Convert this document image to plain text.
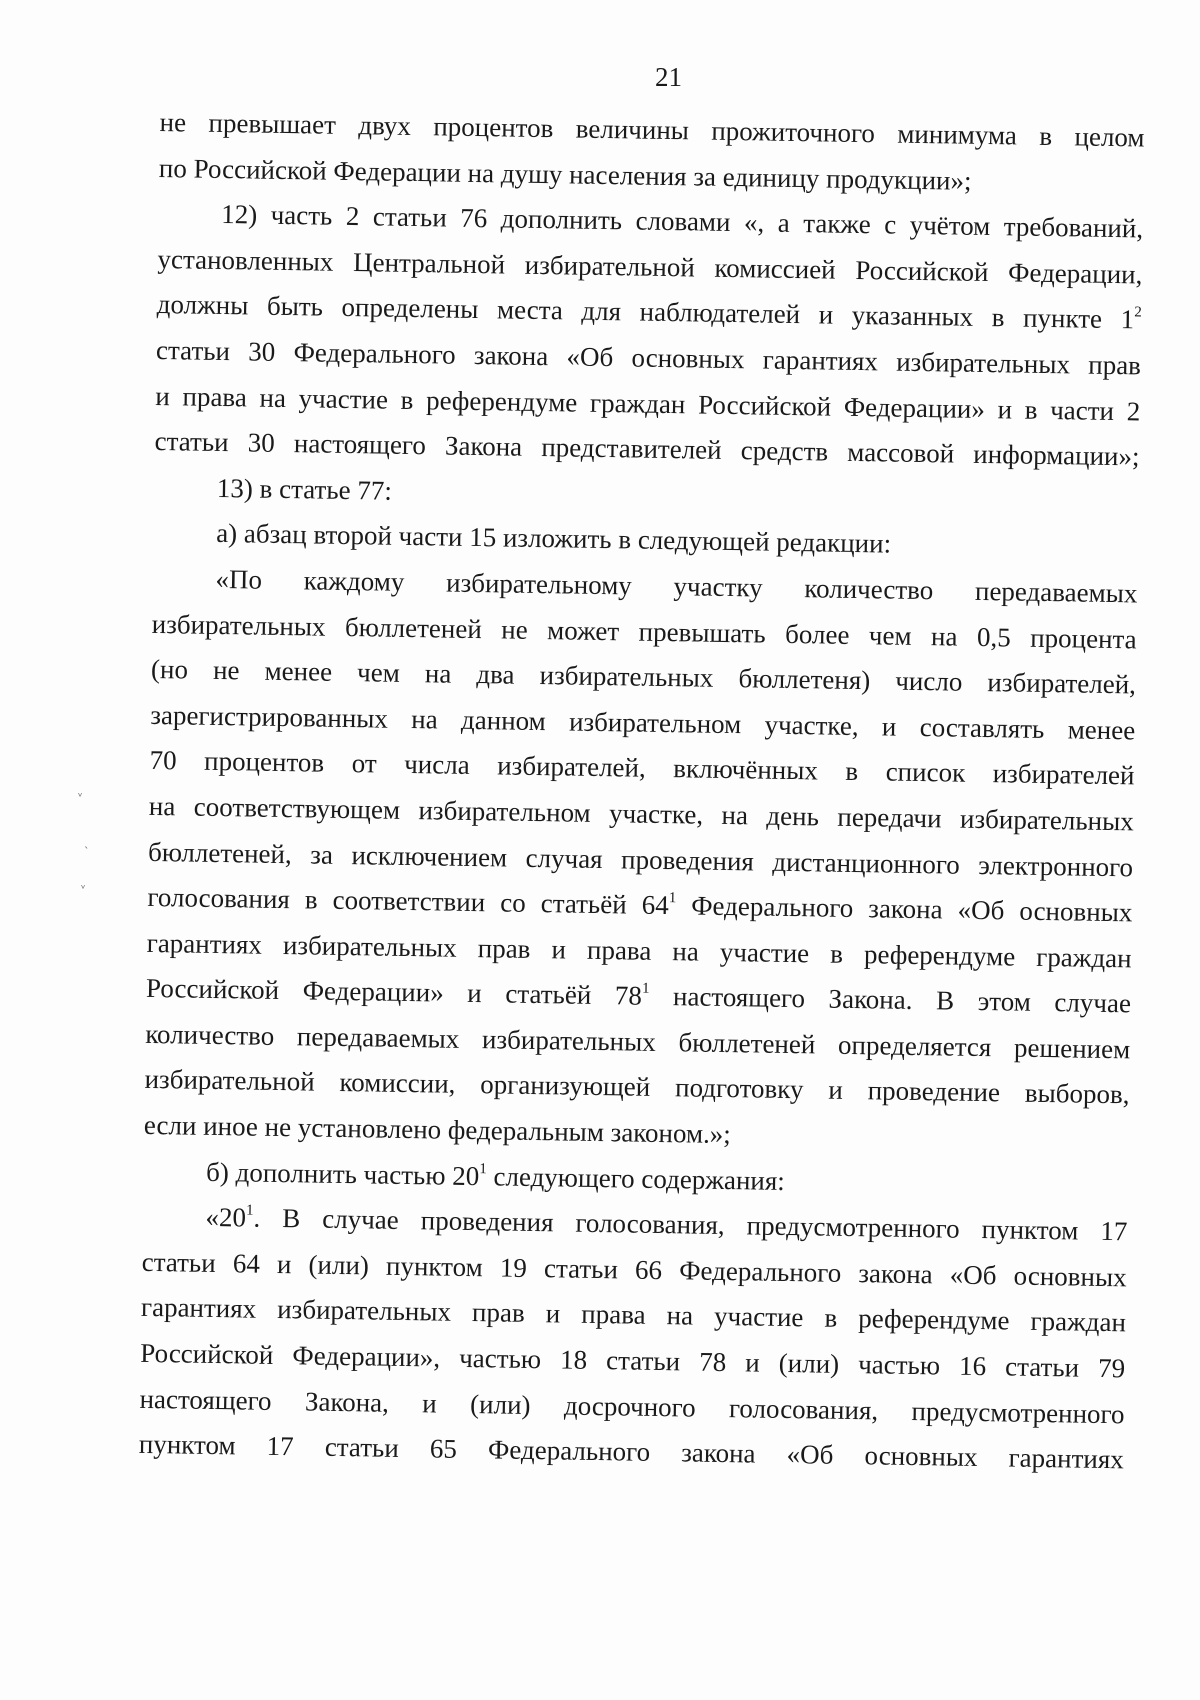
21
не превышает двух процентов величины прожиточного минимума в целом
по Российской Федерации на душу населения за единицу продукции»;
12) часть 2 статьи 76 дополнить словами «, а также с учётом требований,
установленных Центральной избирательной комиссией Российской Федерации,
должны быть определены места для наблюдателей и указанных в пункте $1^2$
статьи 30 Федерального закона «Об основных гарантиях избирательных прав
и права на участие в референдуме граждан Российской Федерации» и в части 2
статьи 30 настоящего Закона представителей средств массовой информации»;
13) в статье 77:
а) абзац второй части 15 изложить в следующей редакции:
«По каждому избирательному участку количество передаваемых
избирательных бюллетеней не может превышать более чем на 0,5 процента
(но не менее чем на два избирательных бюллетеня) число избирателей,
зарегистрированных на данном избирательном участке, и составлять менее
70 процентов от числа избирателей, включённых в список избирателей
на соответствующем избирательном участке, на день передачи избирательных
бюллетеней, за исключением случая проведения дистанционного электронного
голосования в соответствии со статьёй $64^1$ Федерального закона «Об основных
гарантиях избирательных прав и права на участие в референдуме граждан
Российской Федерации» и статьёй $78^1$ настоящего Закона. В этом случае
количество передаваемых избирательных бюллетеней определяется решением
избирательной комиссии, организующей подготовку и проведение выборов,
если иное не установлено федеральным законом.»;
б) дополнить частью $20^1$ следующего содержания:
«$20^1$. В случае проведения голосования, предусмотренного пунктом 17
статьи 64 и (или) пунктом 19 статьи 66 Федерального закона «Об основных
гарантиях избирательных прав и права на участие в референдуме граждан
Российской Федерации», частью 18 статьи 78 и (или) частью 16 статьи 79
настоящего Закона, и (или) досрочного голосования, предусмотренного
пунктом 17 статьи 65 Федерального закона «Об основных гарантиях
ᵛ
ˎ
ᵛ
